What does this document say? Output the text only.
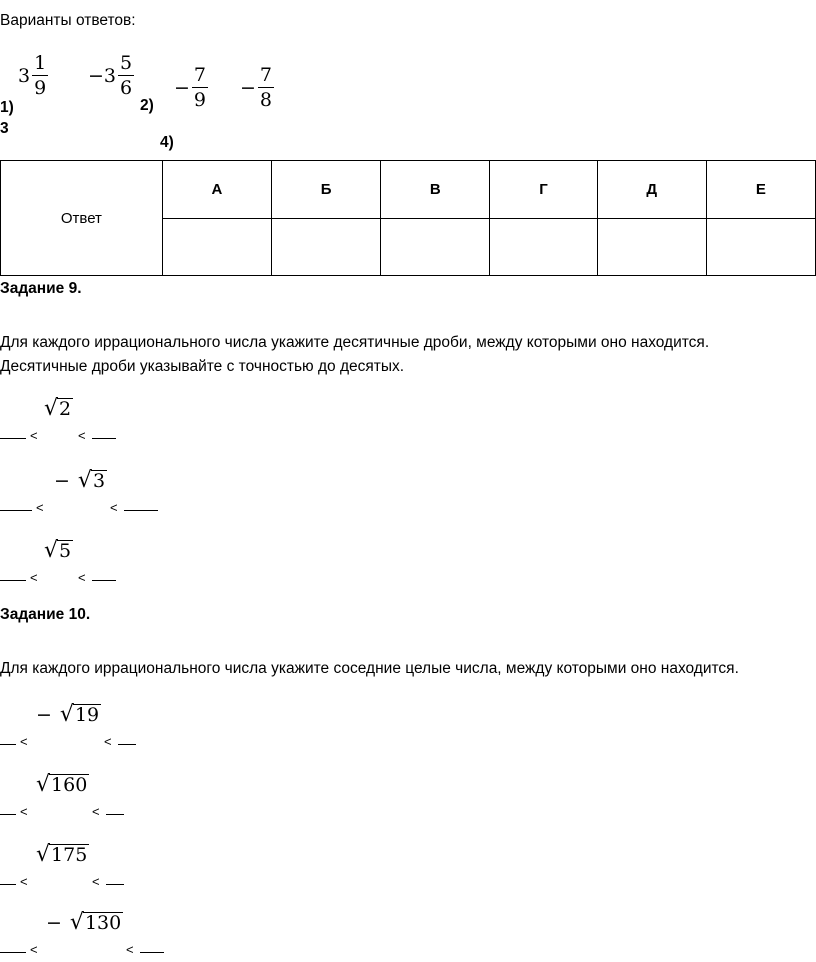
Варианты ответов:
$3 \frac{1}{9} -3 \frac{5}{6} - \frac{7}{9} - \frac{7}{8}$
1)	2)
3
4)
Ответ	А	Б	В	Г	Д	Е

Задание 9.
Для каждого иррационального числа укажите десятичные дроби, между которыми оно находится.
Десятичные дроби указывайте с точностью до десятых.
<
√ 2
<
<
− √ 3
<
<
√ 5
<
Задание 10.
Для каждого иррационального числа укажите соседние целые числа, между которыми оно находится.
<
− √ 19
<
<
√ 160
<
<
√ 175
<
<
− √ 130
<
